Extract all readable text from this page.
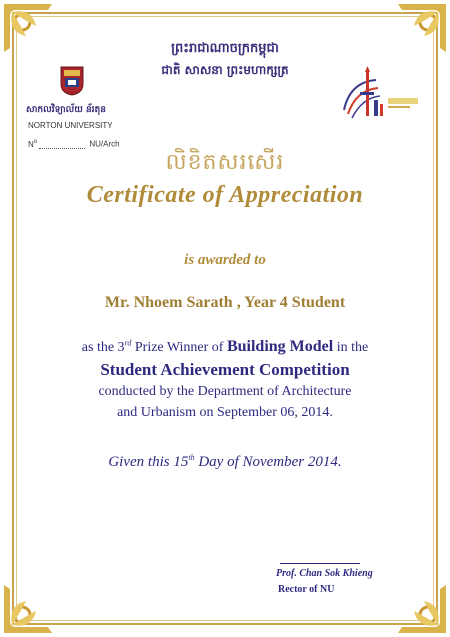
ព្រះរាជាណាចក្រកម្ពុជា
ជាតិ សាសនា ព្រះមហាក្សត្រ
សាកលវិទ្យាល័យ ន័រតុន
NORTON UNIVERSITY
$N^o$	NU/Arch
លិខិតសរសើរ
Certificate of Appreciation
is awarded to
Mr. Nhoem Sarath , Year 4 Student
as the 3rd Prize Winner of Building Model in the
Student Achievement Competition
conducted by the Department of Architecture
and Urbanism on September 06, 2014.
Given this 15th Day of November 2014.
Prof. Chan Sok Khieng
Rector of NU
